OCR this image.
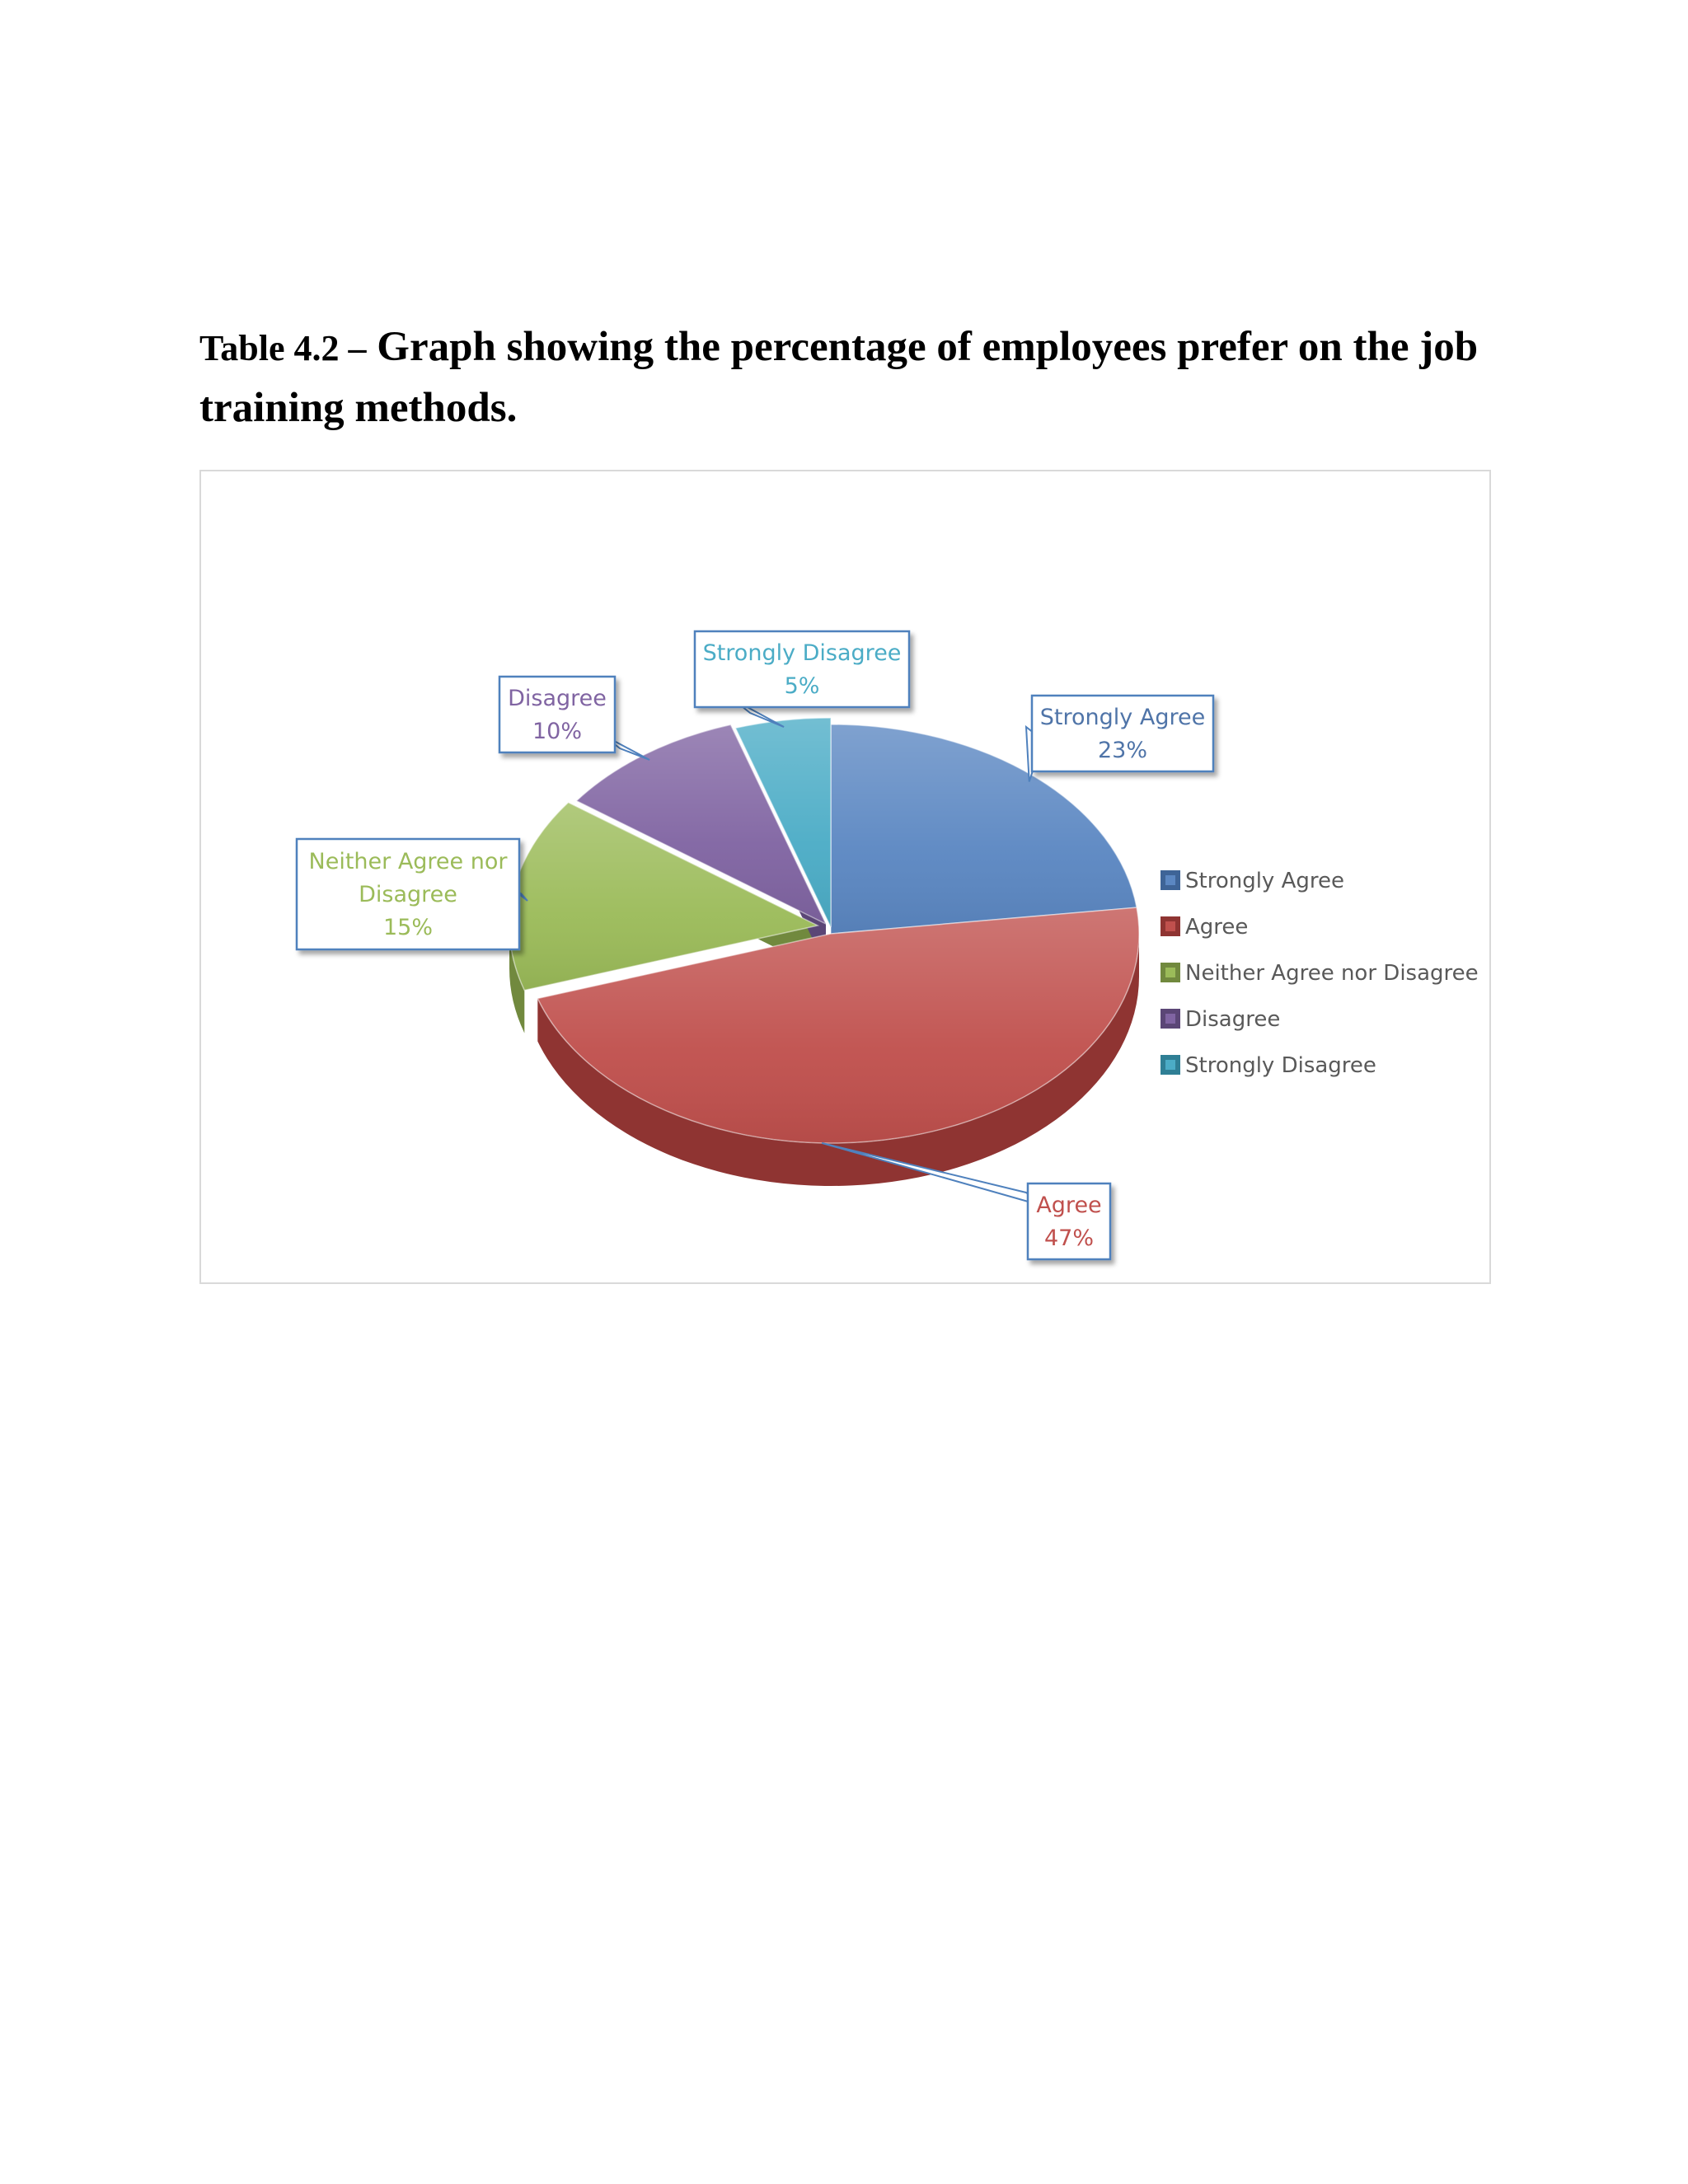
Table 4.2 – Graph showing the percentage of employees prefer on the job training methods.
Strongly Agree
23%
Agree
47%
Neither Agree nor
Disagree
15%
Disagree
10%
Strongly Disagree
5%
Strongly Agree
Agree
Neither Agree nor Disagree
Disagree
Strongly Disagree
